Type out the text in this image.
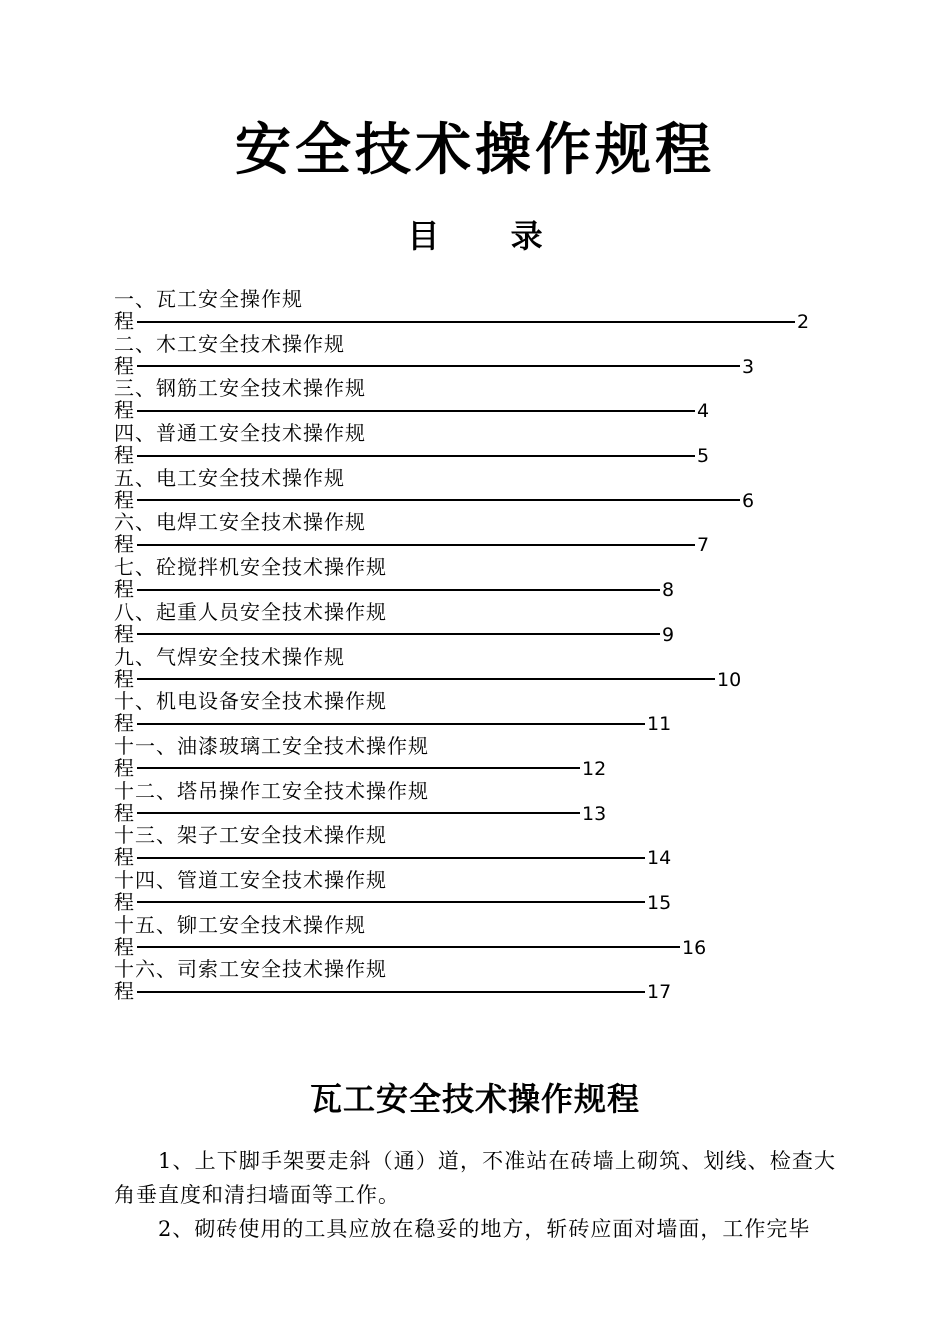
安全技术操作规程
目 录
一、瓦工安全操作规
程	2
二、木工安全技术操作规
程	3
三、钢筋工安全技术操作规
程	4
四、普通工安全技术操作规
程	5
五、电工安全技术操作规
程	6
六、电焊工安全技术操作规
程	7
七、砼搅拌机安全技术操作规
程	8
八、起重人员安全技术操作规
程	9
九、气焊安全技术操作规
程	10
十、机电设备安全技术操作规
程	11
十一、油漆玻璃工安全技术操作规
程	12
十二、塔吊操作工安全技术操作规
程	13
十三、架子工安全技术操作规
程	14
十四、管道工安全技术操作规
程	15
十五、铆工安全技术操作规
程	16
十六、司索工安全技术操作规
程	17
瓦工安全技术操作规程

1、上下脚手架要走斜（通）道，不准站在砖墙上砌筑、划线、检查大角垂直度和清扫墙面等工作。

2、砌砖使用的工具应放在稳妥的地方，斩砖应面对墙面，工作完毕
